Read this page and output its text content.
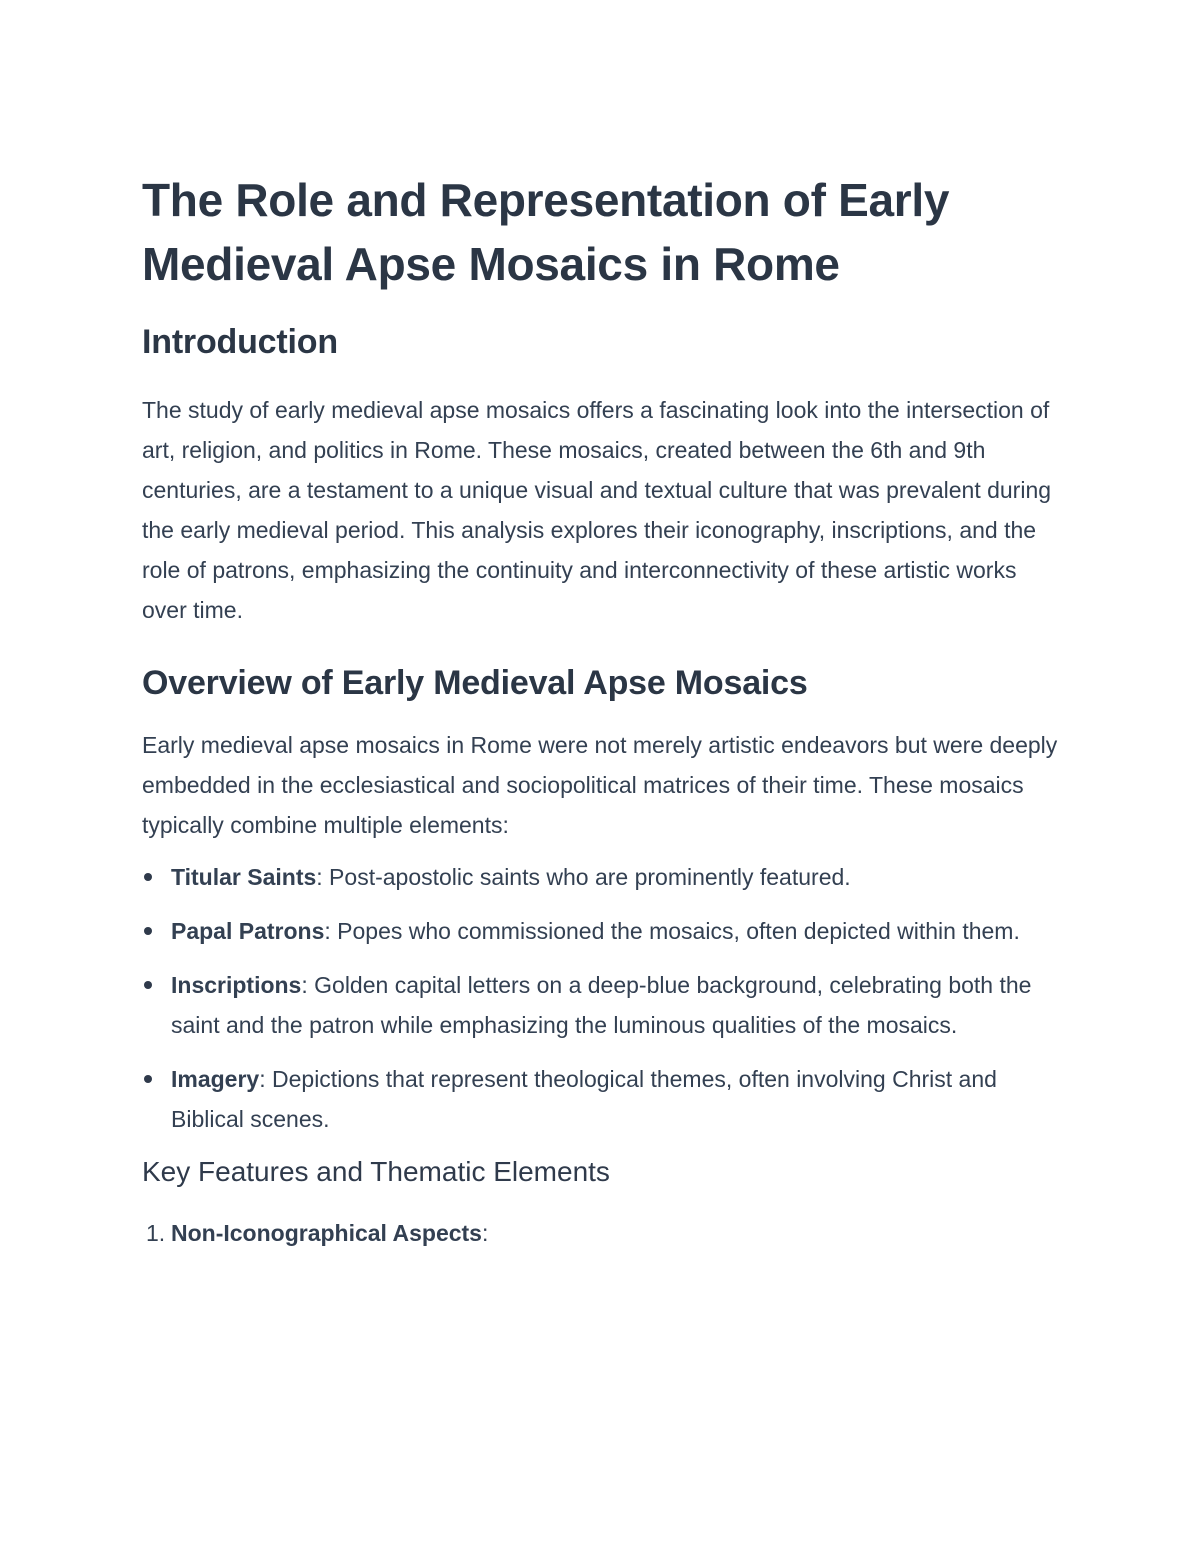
The Role and Representation of Early Medieval Apse Mosaics in Rome
Introduction

The study of early medieval apse mosaics offers a fascinating look into the intersection of art, religion, and politics in Rome. These mosaics, created between the 6th and 9th centuries, are a testament to a unique visual and textual culture that was prevalent during the early medieval period. This analysis explores their iconography, inscriptions, and the role of patrons, emphasizing the continuity and interconnectivity of these artistic works over time.

Overview of Early Medieval Apse Mosaics

Early medieval apse mosaics in Rome were not merely artistic endeavors but were deeply embedded in the ecclesiastical and sociopolitical matrices of their time. These mosaics typically combine multiple elements:

Titular Saints: Post-apostolic saints who are prominently featured.
Papal Patrons: Popes who commissioned the mosaics, often depicted within them.
Inscriptions: Golden capital letters on a deep-blue background, celebrating both the saint and the patron while emphasizing the luminous qualities of the mosaics.
Imagery: Depictions that represent theological themes, often involving Christ and Biblical scenes.
Key Features and Thematic Elements
1. Non-Iconographical Aspects:
